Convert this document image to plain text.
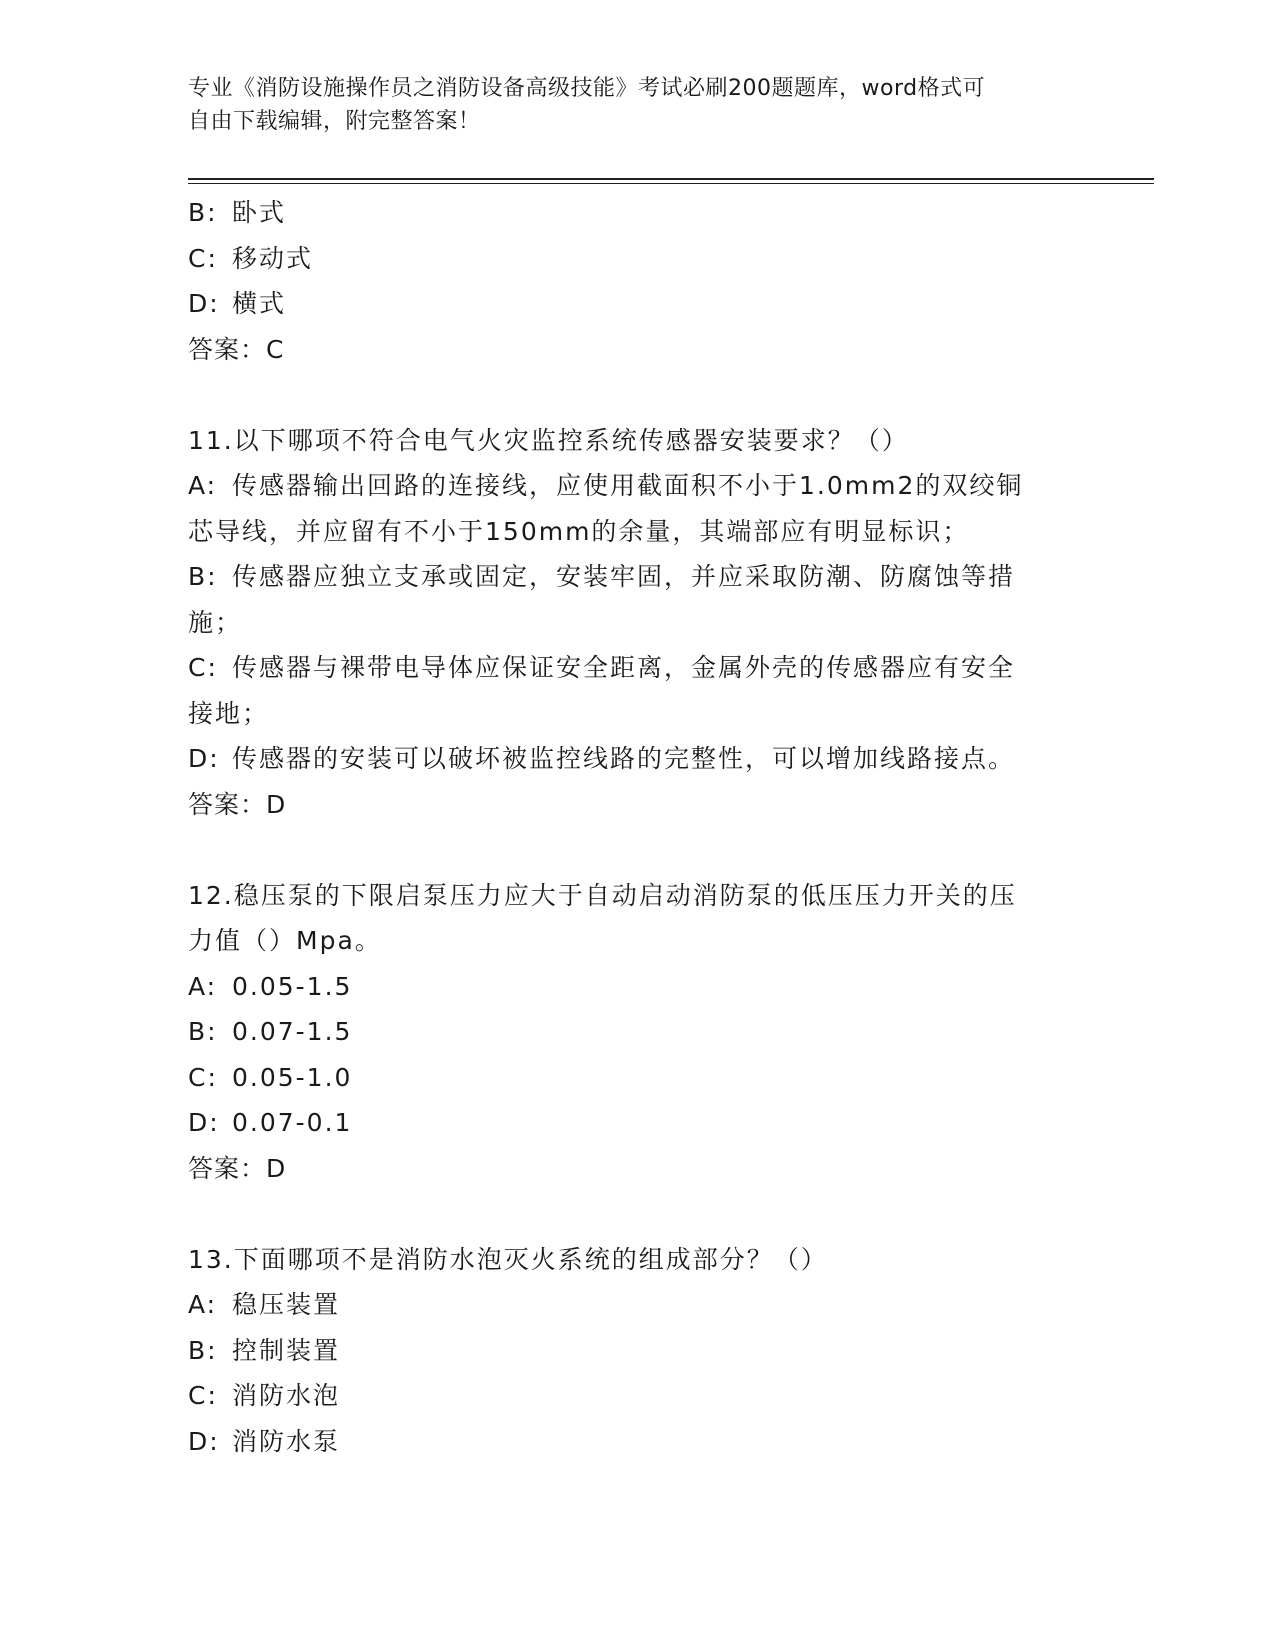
专业《消防设施操作员之消防设备高级技能》考试必刷200题题库，word格式可
自由下载编辑，附完整答案！

B: 卧式

C: 移动式

D: 横式

答案：C

11.以下哪项不符合电气火灾监控系统传感器安装要求？（）

A: 传感器输出回路的连接线，应使用截面积不小于1.0mm2的双绞铜

芯导线，并应留有不小于150mm的余量，其端部应有明显标识；

B: 传感器应独立支承或固定，安装牢固，并应采取防潮、防腐蚀等措

施；

C: 传感器与裸带电导体应保证安全距离，金属外壳的传感器应有安全

接地；

D: 传感器的安装可以破坏被监控线路的完整性，可以增加线路接点。

答案：D

12.稳压泵的下限启泵压力应大于自动启动消防泵的低压压力开关的压

力值（）Mpa。

A: 0.05-1.5

B: 0.07-1.5

C: 0.05-1.0

D: 0.07-0.1

答案：D

13.下面哪项不是消防水泡灭火系统的组成部分？（）

A: 稳压装置

B: 控制装置

C: 消防水泡

D: 消防水泵
